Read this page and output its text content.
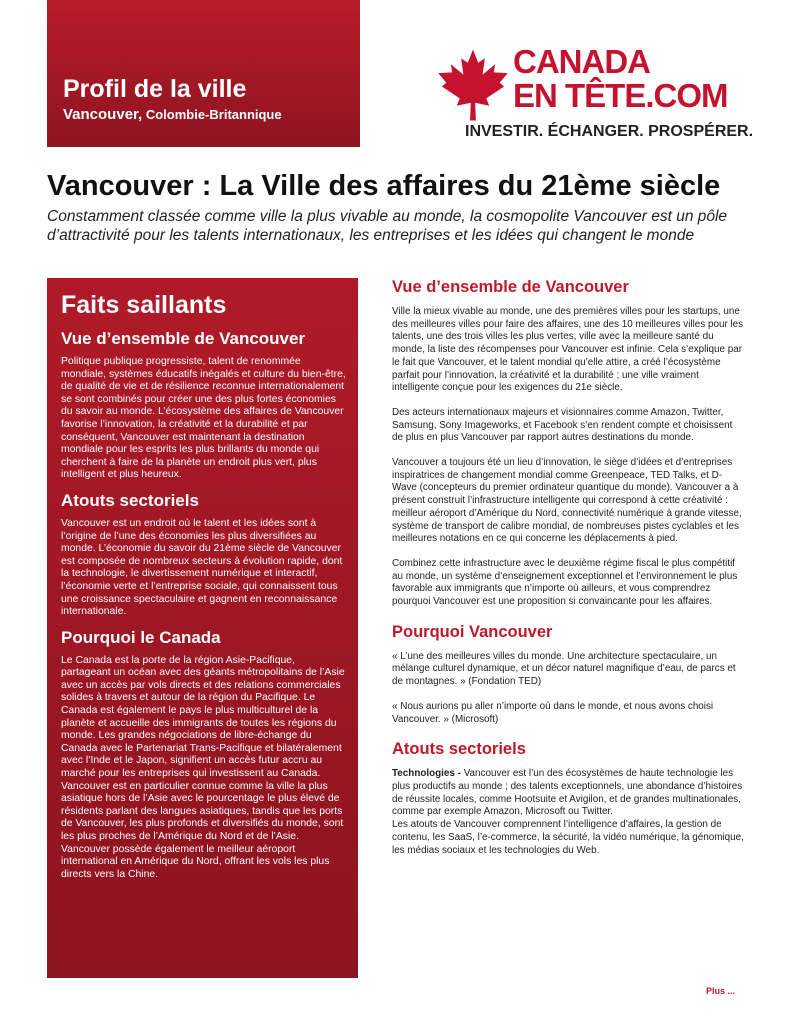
Profil de la ville
Vancouver, Colombie-Britannique
CANADA
EN TÊTE.COM
INVESTIR. ÉCHANGER. PROSPÉRER.
Vancouver : La Ville des affaires du 21ème siècle
Constamment classée comme ville la plus vivable au monde, la cosmopolite Vancouver est un pôle d’attractivité pour les talents internationaux, les entreprises et les idées qui changent le monde
Faits saillants
Vue d’ensemble de Vancouver

Politique publique progressiste, talent de renommée mondiale, systèmes éducatifs inégalés et culture du bien-être, de qualité de vie et de résilience reconnue internationalement se sont combinés pour créer une des plus fortes économies du savoir au monde. L’écosystème des affaires de Vancouver favorise l’innovation, la créativité et la durabilité et par conséquent, Vancouver est maintenant la destination mondiale pour les esprits les plus brillants du monde qui cherchent à faire de la planète un endroit plus vert, plus intelligent et plus heureux.

Atouts sectoriels

Vancouver est un endroit où le talent et les idées sont à l’origine de l’une des économies les plus diversifiées au monde. L’économie du savoir du 21ème siècle de Vancouver est composée de nombreux secteurs à évolution rapide, dont la technologie, le divertissement numérique et interactif, l’économie verte et l’entreprise sociale, qui connaissent tous une croissance spectaculaire et gagnent en reconnaissance internationale.

Pourquoi le Canada

Le Canada est la porte de la région Asie-Pacifique, partageant un océan avec des géants métropolitains de l’Asie avec un accès par vols directs et des relations commerciales solides à travers et autour de la région du Pacifique. Le Canada est également le pays le plus multiculturel de la planète et accueille des immigrants de toutes les régions du monde. Les grandes négociations de libre-échange du Canada avec le Partenariat Trans-Pacifique et bilatéralement avec l’Inde et le Japon, signifient un accès futur accru au marché pour les entreprises qui investissent au Canada. Vancouver est en particulier connue comme la ville la plus asiatique hors de l’Asie avec le pourcentage le plus élevé de résidents parlant des langues asiatiques, tandis que les ports de Vancouver, les plus profonds et diversifiés du monde, sont les plus proches de l’Amérique du Nord et de l’Asie. Vancouver possède également le meilleur aéroport international en Amérique du Nord, offrant les vols les plus directs vers la Chine.

Vue d’ensemble de Vancouver

Ville la mieux vivable au monde, une des premières villes pour les startups, une des meilleures villes pour faire des affaires, une des 10 meilleures villes pour les talents, une des trois villes les plus vertes, ville avec la meilleure santé du monde, la liste des récompenses pour Vancouver est infinie. Cela s’explique par le fait que Vancouver, et le talent mondial qu’elle attire, a créé l’écosystème parfait pour l’innovation, la créativité et la durabilité ; une ville vraiment intelligente conçue pour les exigences du 21e siècle.

Des acteurs internationaux majeurs et visionnaires comme Amazon, Twitter, Samsung, Sony Imageworks, et Facebook s’en rendent compte et choisissent de plus en plus Vancouver par rapport autres destinations du monde.

Vancouver a toujours été un lieu d’innovation, le siège d’idées et d’entreprises inspiratrices de changement mondial comme Greenpeace, TED Talks, et D-Wave (concepteurs du premier ordinateur quantique du monde). Vancouver a à présent construit l’infrastructure intelligente qui correspond à cette créativité : meilleur aéroport d’Amérique du Nord, connectivité numérique à grande vitesse, système de transport de calibre mondial, de nombreuses pistes cyclables et les meilleures notations en ce qui concerne les déplacements à pied.

Combinez cette infrastructure avec le deuxième régime fiscal le plus compétitif au monde, un système d’enseignement exceptionnel et l’environnement le plus favorable aux immigrants que n’importe où ailleurs, et vous comprendrez pourquoi Vancouver est une proposition si convaincante pour les affaires.

Pourquoi Vancouver

« L’une des meilleures villes du monde. Une architecture spectaculaire, un mélange culturel dynamique, et un décor naturel magnifique d’eau, de parcs et de montagnes. » (Fondation TED)

« Nous aurions pu aller n’importe où dans le monde, et nous avons choisi Vancouver. » (Microsoft)

Atouts sectoriels

Technologies - Vancouver est l’un des écosystèmes de haute technologie les plus productifs au monde ; des talents exceptionnels, une abondance d’histoires de réussite locales, comme Hootsuite et Avigilon, et de grandes multinationales, comme par exemple Amazon, Microsoft ou Twitter.

Les atouts de Vancouver comprennent l’intelligence d’affaires, la gestion de contenu, les SaaS, l’e-commerce, la sécurité, la vidéo numérique, la génomique, les médias sociaux et les technologies du Web.

Plus ...
